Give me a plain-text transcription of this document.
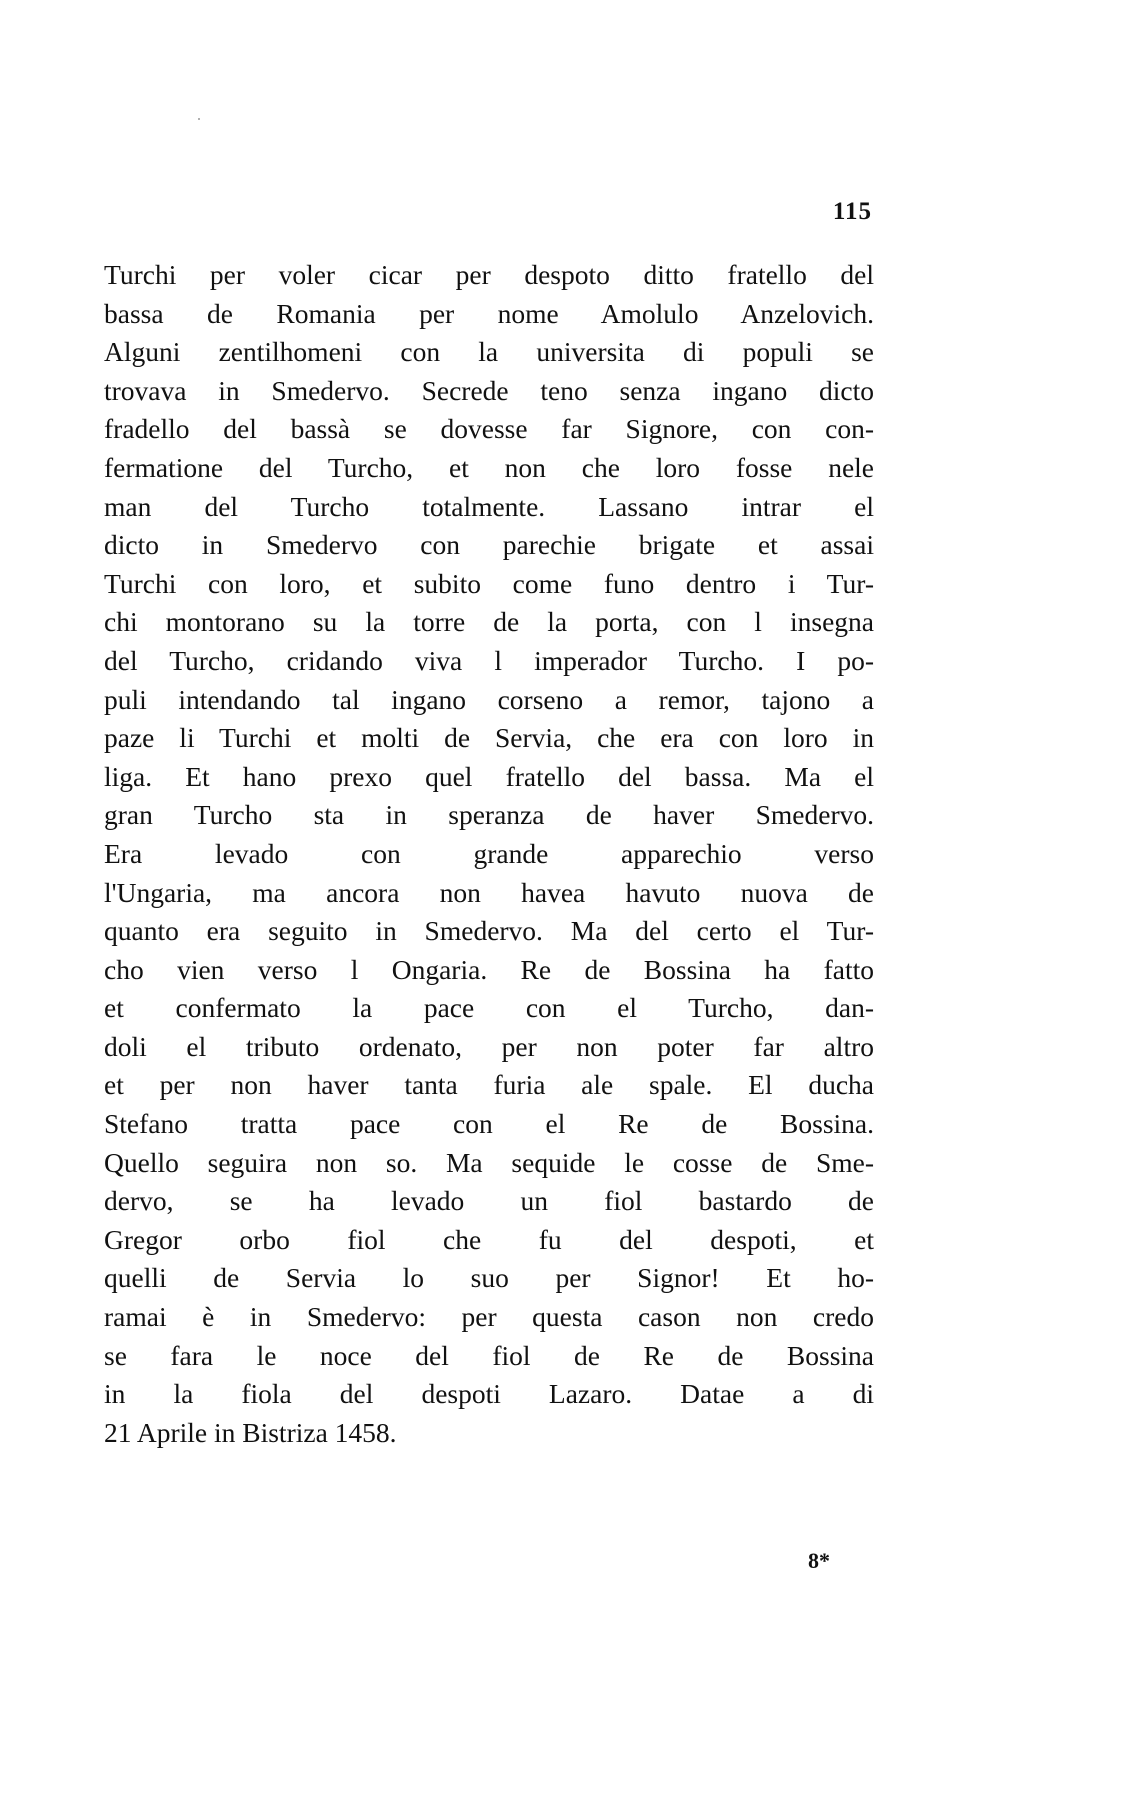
115
Turchi per voler cicar per despoto ditto fratello del
bassa de Romania per nome Amolulo Anzelovich.
Alguni zentilhomeni con la universita di populi se
trovava in Smedervo. Secrede teno senza ingano dicto
fradello del bassà se dovesse far Signore, con con-
fermatione del Turcho, et non che loro fosse nele
man del Turcho totalmente. Lassano intrar el
dicto in Smedervo con parechie brigate et assai
Turchi con loro, et subito come funo dentro i Tur-
chi montorano su la torre de la porta, con l insegna
del Turcho, cridando viva l imperador Turcho. I po-
puli intendando tal ingano corseno a remor, tajono a
paze li Turchi et molti de Servia, che era con loro in
liga. Et hano prexo quel fratello del bassa. Ma el
gran Turcho sta in speranza de haver Smedervo.
Era levado con grande apparechio verso
l'Ungaria, ma ancora non havea havuto nuova de
quanto era seguito in Smedervo. Ma del certo el Tur-
cho vien verso l Ongaria. Re de Bossina ha fatto
et confermato la pace con el Turcho, dan-
doli el tributo ordenato, per non poter far altro
et per non haver tanta furia ale spale. El ducha
Stefano tratta pace con el Re de Bossina.
Quello seguira non so. Ma sequide le cosse de Sme-
dervo, se ha levado un fiol bastardo de
Gregor orbo fiol che fu del despoti, et
quelli de Servia lo suo per Signor! Et ho-
ramai è in Smedervo: per questa cason non credo
se fara le noce del fiol de Re de Bossina
in la fiola del despoti Lazaro. Datae a di
21 Aprile in Bistriza 1458.
8*
